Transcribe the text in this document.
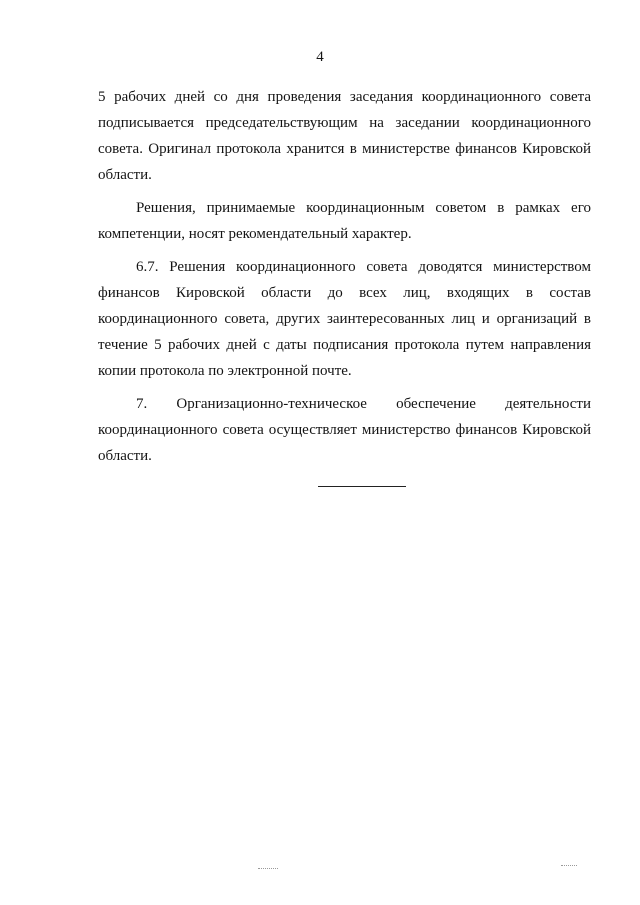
4

5 рабочих дней со дня проведения заседания координационного совета подписывается председательствующим на заседании координационного совета. Оригинал протокола хранится в министерстве финансов Кировской области.

Решения, принимаемые координационным советом в рамках его компетенции, носят рекомендательный характер.

6.7. Решения координационного совета доводятся министерством финансов Кировской области до всех лиц, входящих в состав координационного совета, других заинтересованных лиц и организаций в течение 5 рабочих дней с даты подписания протокола путем направления копии протокола по электронной почте.

7. Организационно-техническое обеспечение деятельности координационного совета осуществляет министерство финансов Кировской области.
